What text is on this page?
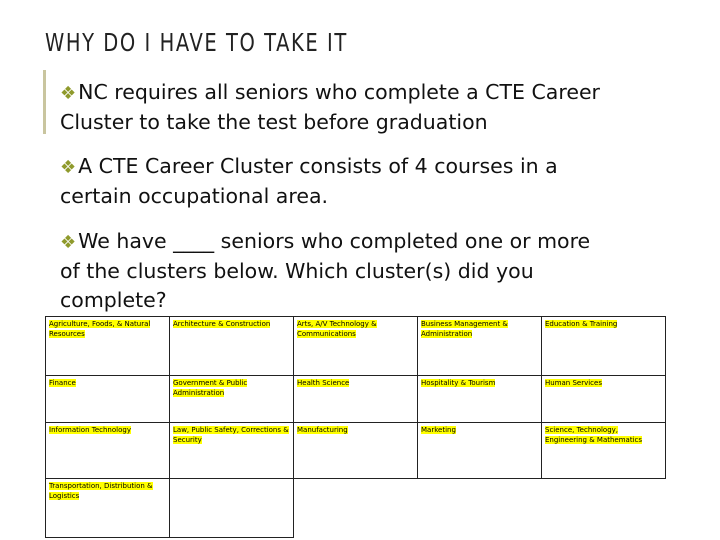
WHY DO I HAVE TO TAKE IT
❖NC requires all seniors who complete a CTE Career
Cluster to take the test before graduation
❖A CTE Career Cluster consists of 4 courses in a
certain occupational area.
❖We have ____ seniors who completed one or more
of the clusters below. Which cluster(s) did you
complete?
Agriculture, Foods, & Natural Resources	Architecture & Construction	Arts, A/V Technology & Communications	Business Management & Administration	Education & Training
Finance	Government & Public Administration	Health Science	Hospitality & Tourism	Human Services
Information Technology	Law, Public Safety, Corrections & Security	Manufacturing	Marketing	Science, Technology, Engineering & Mathematics
Transportation, Distribution & Logistics				
